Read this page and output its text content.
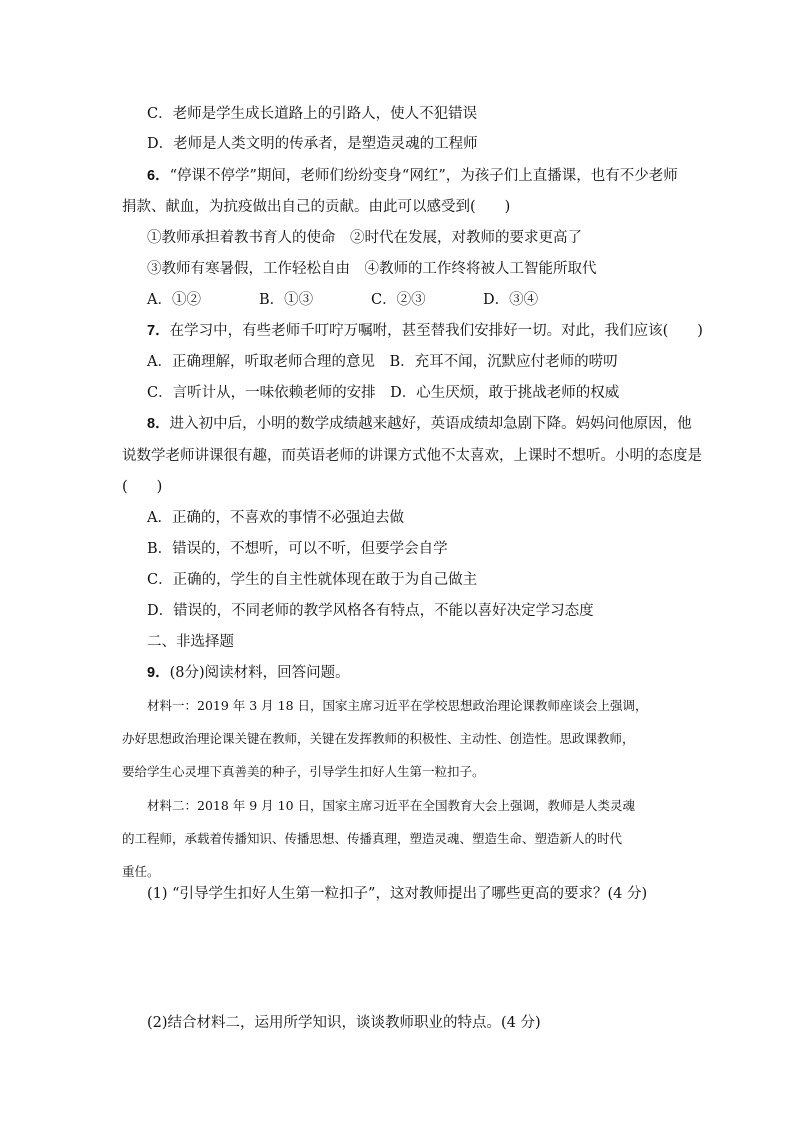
C．老师是学生成长道路上的引路人，使人不犯错误
D．老师是人类文明的传承者，是塑造灵魂的工程师
6．“停课不停学”期间，老师们纷纷变身“网红”，为孩子们上直播课，也有不少老师
捐款、献血，为抗疫做出自己的贡献。由此可以感受到(　　)
①教师承担着教书育人的使命　②时代在发展，对教师的要求更高了
③教师有寒暑假，工作轻松自由　④教师的工作终将被人工智能所取代
A．①②	B．①③	C．②③	D．③④
7．在学习中，有些老师千叮咛万嘱咐，甚至替我们安排好一切。对此，我们应该(　　)
A．正确理解，听取老师合理的意见　B．充耳不闻，沉默应付老师的唠叨
C．言听计从，一味依赖老师的安排　D．心生厌烦，敢于挑战老师的权威
8．进入初中后，小明的数学成绩越来越好，英语成绩却急剧下降。妈妈问他原因，他
说数学老师讲课很有趣，而英语老师的讲课方式他不太喜欢，上课时不想听。小明的态度是
(　　)
A．正确的，不喜欢的事情不必强迫去做
B．错误的，不想听，可以不听，但要学会自学
C．正确的，学生的自主性就体现在敢于为自己做主
D．错误的，不同老师的教学风格各有特点，不能以喜好决定学习态度
二、非选择题
9．(8分)阅读材料，回答问题。
材料一：2019 年 3 月 18 日，国家主席习近平在学校思想政治理论课教师座谈会上强调，
办好思想政治理论课关键在教师，关键在发挥教师的积极性、主动性、创造性。思政课教师，
要给学生心灵埋下真善美的种子，引导学生扣好人生第一粒扣子。
材料二：2018 年 9 月 10 日，国家主席习近平在全国教育大会上强调，教师是人类灵魂
的工程师，承载着传播知识、传播思想、传播真理，塑造灵魂、塑造生命、塑造新人的时代
重任。
(1) “引导学生扣好人生第一粒扣子”，这对教师提出了哪些更高的要求？(4 分)
(2)结合材料二，运用所学知识，谈谈教师职业的特点。(4 分)
